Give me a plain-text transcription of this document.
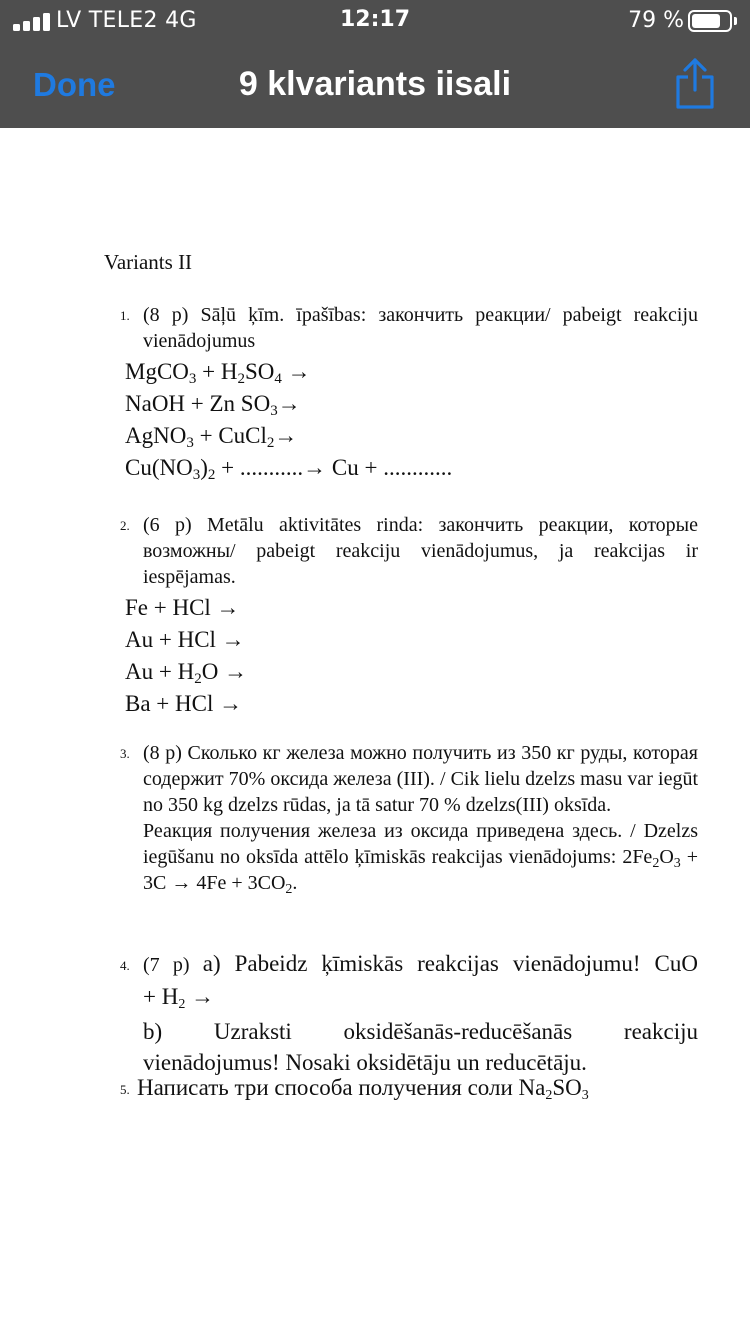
LV TELE2 4G	12:17	79 %
Done	9 klvariants iisali
Variants II
1. (8 p) Sāļū ķīm. īpašības: закончить реакции/ pabeigt reakciju vienādojumus
MgCO$_3$ + $H_2SO_4$ →
NaOH + Zn $SO_3\to$
AgNO$_3$ + CuCl$_2$→
$Cu(NO_3)_2$ + ...........→ Cu + ............
2. (6 p) Metālu aktivitātes rinda: закончить реакции, которые возможны/ pabeigt reakciju vienādojumus, ja reakcijas ir iespējamas.
Fe + HCl →
Au + HCl →
$Au + H_2O$ →
Ba + HCl →
3. (8 p) Сколько кг железа можно получить из 350 кг руды, которая содержит 70% оксида железа (III). / Cik lielu dzelzs masu var iegūt no 350 kg dzelzs rūdas, ja tā satur 70 % dzelzs(III) oksīda.
Реакция получения железа из оксида приведена здесь. / Dzelzs iegūšanu no oksīda attēlo ķīmiskās reakcijas vienādojums: $2Fe_2O_3 + 3C \to 4Fe + 3CO_2$.
4. (7 p) a) Pabeidz ķīmiskās reakcijas vienādojumu! CuO
+ $H_2$ →
b) Uzraksti oksidēšanās-reducēšanās reakciju vienādojumus! Nosaki oksidētāju un reducētāju.
5. Написать три способа получения соли $Na_2SO_3$
